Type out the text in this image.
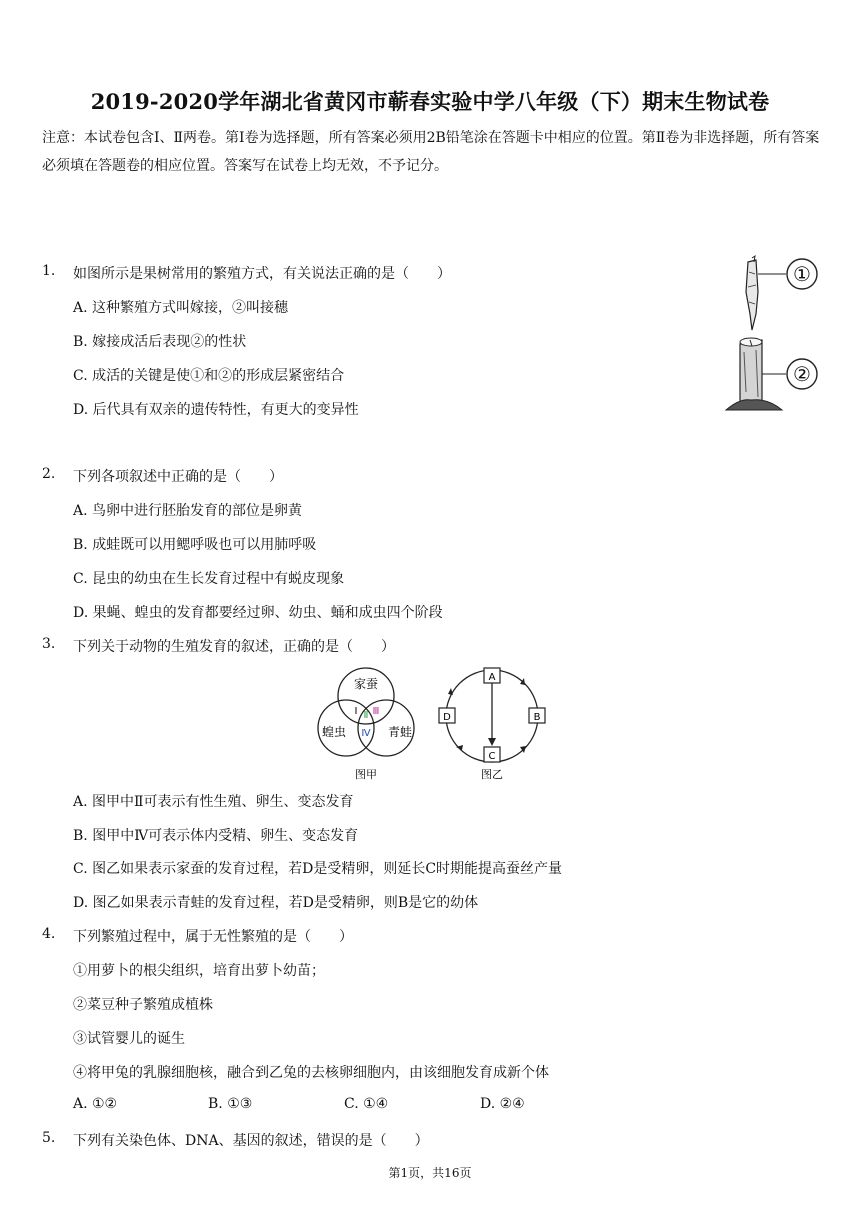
2019-2020学年湖北省黄冈市蕲春实验中学八年级（下）期末生物试卷
注意：本试卷包含Ⅰ、Ⅱ两卷。第Ⅰ卷为选择题，所有答案必须用2B铅笔涂在答题卡中相应的位置。第Ⅱ卷为非选择题，所有答案必须填在答题卷的相应位置。答案写在试卷上均无效，不予记分。
1. 如图所示是果树常用的繁殖方式，有关说法正确的是（　　）
A. 这种繁殖方式叫嫁接，②叫接穗
B. 嫁接成活后表现②的性状
C. 成活的关键是使①和②的形成层紧密结合
D. 后代具有双亲的遗传特性，有更大的变异性
①
②
2. 下列各项叙述中正确的是（　　）
A. 鸟卵中进行胚胎发育的部位是卵黄
B. 成蛙既可以用鳃呼吸也可以用肺呼吸
C. 昆虫的幼虫在生长发育过程中有蜕皮现象
D. 果蝇、蝗虫的发育都要经过卵、幼虫、蛹和成虫四个阶段
3. 下列关于动物的生殖发育的叙述，正确的是（　　）
家蚕
蝗虫	青蛙
Ⅰ Ⅱ Ⅲ
Ⅳ
图甲
A
B
C
D
图乙
A. 图甲中Ⅱ可表示有性生殖、卵生、变态发育
B. 图甲中Ⅳ可表示体内受精、卵生、变态发育
C. 图乙如果表示家蚕的发育过程，若D是受精卵，则延长C时期能提高蚕丝产量
D. 图乙如果表示青蛙的发育过程，若D是受精卵，则B是它的幼体
4. 下列繁殖过程中，属于无性繁殖的是（　　）
①用萝卜的根尖组织，培育出萝卜幼苗；
②菜豆种子繁殖成植株
③试管婴儿的诞生
④将甲兔的乳腺细胞核，融合到乙兔的去核卵细胞内，由该细胞发育成新个体
A. ①②	B. ①③	C. ①④	D. ②④
5. 下列有关染色体、DNA、基因的叙述，错误的是（　　）
第1页，共16页
